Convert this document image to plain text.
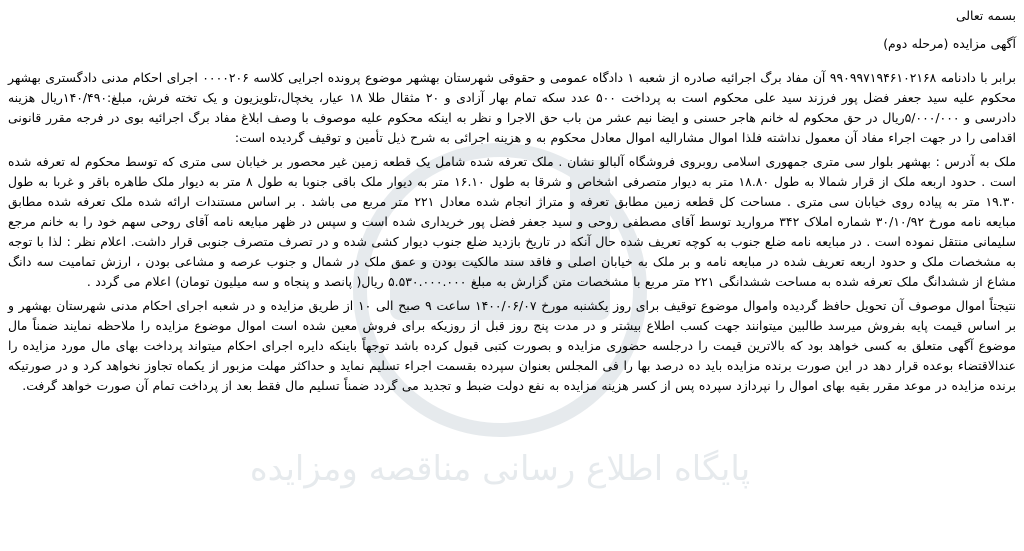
پایگاه اطلاع رسانی مناقصه ومزایده

بسمه تعالی

آگهی مزایده (مرحله دوم)

برابر با دادنامه ۹۹۰۹۹۷۱۹۴۶۱۰۲۱۶۸ آن مفاد برگ اجرائیه صادره از شعبه ۱ دادگاه عمومی و حقوقی شهرستان بهشهر موضوع پرونده اجرایی کلاسه ۰۰۰۰۲۰۶ اجرای احکام مدنی دادگستری بهشهر محکوم علیه سید جعفر فضل پور فرزند سید علی محکوم است به پرداخت ۵۰۰ عدد سکه تمام بهار آزادی و ۲۰ مثقال طلا ۱۸ عیار، یخچال،تلویزیون و یک تخته فرش، مبلغ:۱۴۰/۴۹۰ریال هزینه دادرسی و ۵/۰۰۰/۰۰۰ریال در حق محکوم له خانم هاجر حسنی و ایضا نیم عشر من باب حق الاجرا و نظر به اینکه محکوم علیه موصوف با وصف ابلاغ مفاد برگ اجرائیه بوی در فرجه مقرر قانونی اقدامی را در جهت اجراء مفاد آن معمول نداشته فلذا اموال مشارالیه اموال معادل محکوم به و هزینه اجرائی به شرح ذیل تأمین و توقیف گردیده است:

ملک به آدرس : بهشهر بلوار سی متری جمهوری اسلامی روبروی فروشگاه آلبالو نشان . ملک تعرفه شده شامل یک قطعه زمین غیر محصور بر خیابان سی متری که توسط محکوم له تعرفه شده است . حدود اربعه ملک از قرار شمالا به طول ۱۸.۸۰ متر به دیوار متصرفی اشخاص و شرقا به طول ۱۶.۱۰ متر به دیوار ملک باقی جنوبا به طول ۸ متر به دیوار ملک طاهره باقر و غربا به طول ۱۹.۳۰ متر به پیاده روی خیابان سی متری . مساحت کل قطعه زمین مطابق تعرفه و متراژ انجام شده معادل ۲۲۱ متر مربع می باشد . بر اساس مستندات ارائه شده ملک تعرفه شده مطابق مبایعه نامه مورخ ۳۰/۱۰/۹۲ شماره املاک ۳۴۲ مروارید توسط آقای مصطفی روحی و سید جعفر فضل پور خریداری شده است و سپس در ظهر مبایعه نامه آقای روحی سهم خود را به خانم مرجع سلیمانی منتقل نموده است . در مبایعه نامه ضلع جنوب به کوچه تعریف شده حال آنکه در تاریخ بازدید ضلع جنوب دیوار کشی شده و در تصرف متصرف جنوبی قرار داشت. اعلام نظر : لذا با توجه به مشخصات ملک و حدود اربعه تعریف شده در مبایعه نامه و بر ملک به خیابان اصلی و فاقد سند مالکیت بودن و عمق ملک در شمال و جنوب عرصه و مشاعی بودن ، ارزش تمامیت سه دانگ مشاع از ششدانگ ملک تعرفه شده به مساحت ششدانگی ۲۲۱ متر مربع با مشخصات متن گزارش به مبلغ ۵.۵۳۰.۰۰۰.۰۰۰ ریال( پانصد و پنجاه و سه میلیون تومان) اعلام می گردد .

نتیجتاً اموال موصوف آن تحویل حافظ گردیده واموال موضوع توقیف برای روز یکشنبه مورخ ۱۴۰۰/۰۶/۰۷ ساعت ۹ صبح الی ۱۰ از طریق مزایده و در شعبه اجرای احکام مدنی شهرستان بهشهر و بر اساس قیمت پایه بفروش میرسد طالبین میتوانند جهت کسب اطلاع بیشتر و در مدت پنج روز قبل از روزیکه برای فروش معین شده است اموال موضوع مزایده را ملاحظه نمایند ضمناً مال موضوع آگهی متعلق به کسی خواهد بود که بالاترین قیمت را درجلسه حضوری مزایده و بصورت کتبی قبول کرده باشد توجهاً باینکه دایره اجرای احکام میتواند پرداخت بهای مال مورد مزایده را عندالاقتضاء بوعده قرار دهد در این صورت برنده مزایده باید ده درصد بها را فی المجلس بعنوان سپرده بقسمت اجراء تسلیم نماید و حداکثر مهلت مزبور از یکماه تجاوز نخواهد کرد و در صورتیکه برنده مزایده در موعد مقرر بقیه بهای اموال را نپردازد سپرده پس از کسر هزینه مزایده به نفع دولت ضبط و تجدید می گردد ضمناً تسلیم مال فقط بعد از پرداخت تمام آن صورت خواهد گرفت.
